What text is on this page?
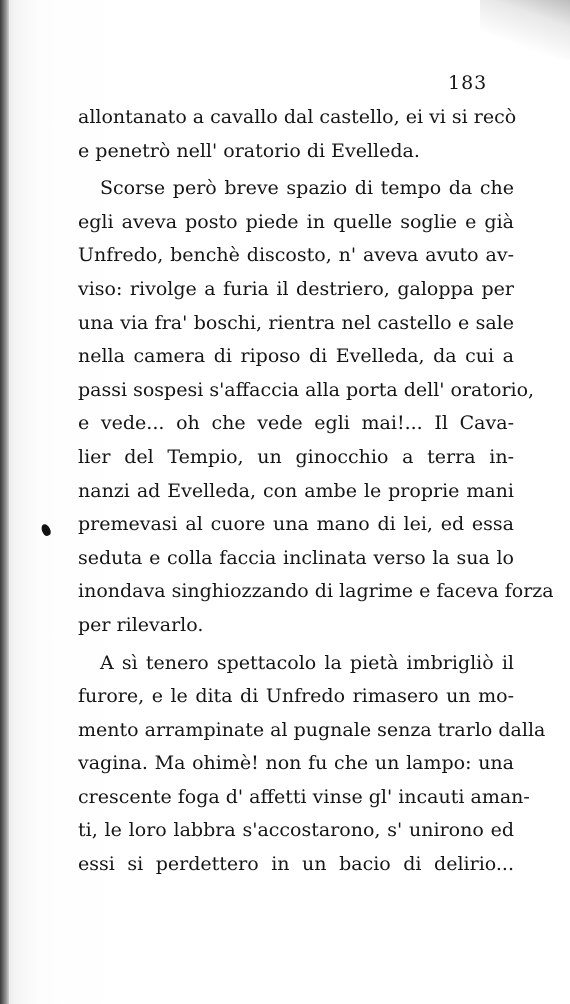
183
allontanato a cavallo dal castello, ei vi si recò
e penetrò nell' oratorio di Evelleda.
Scorse però breve spazio di tempo da che
egli aveva posto piede in quelle soglie e già
Unfredo, benchè discosto, n' aveva avuto av-
viso: rivolge a furia il destriero, galoppa per
una via fra' boschi, rientra nel castello e sale
nella camera di riposo di Evelleda, da cui a
passi sospesi s'affaccia alla porta dell' oratorio,
e vede... oh che vede egli mai!... Il Cava-
lier del Tempio, un ginocchio a terra in-
nanzi ad Evelleda, con ambe le proprie mani
premevasi al cuore una mano di lei, ed essa
seduta e colla faccia inclinata verso la sua lo
inondava singhiozzando di lagrime e faceva forza
per rilevarlo.
A sì tenero spettacolo la pietà imbrigliò il
furore, e le dita di Unfredo rimasero un mo-
mento arrampinate al pugnale senza trarlo dalla
vagina. Ma ohimè! non fu che un lampo: una
crescente foga d' affetti vinse gl' incauti aman-
ti, le loro labbra s'accostarono, s' unirono ed
essi si perdettero in un bacio di delirio...
